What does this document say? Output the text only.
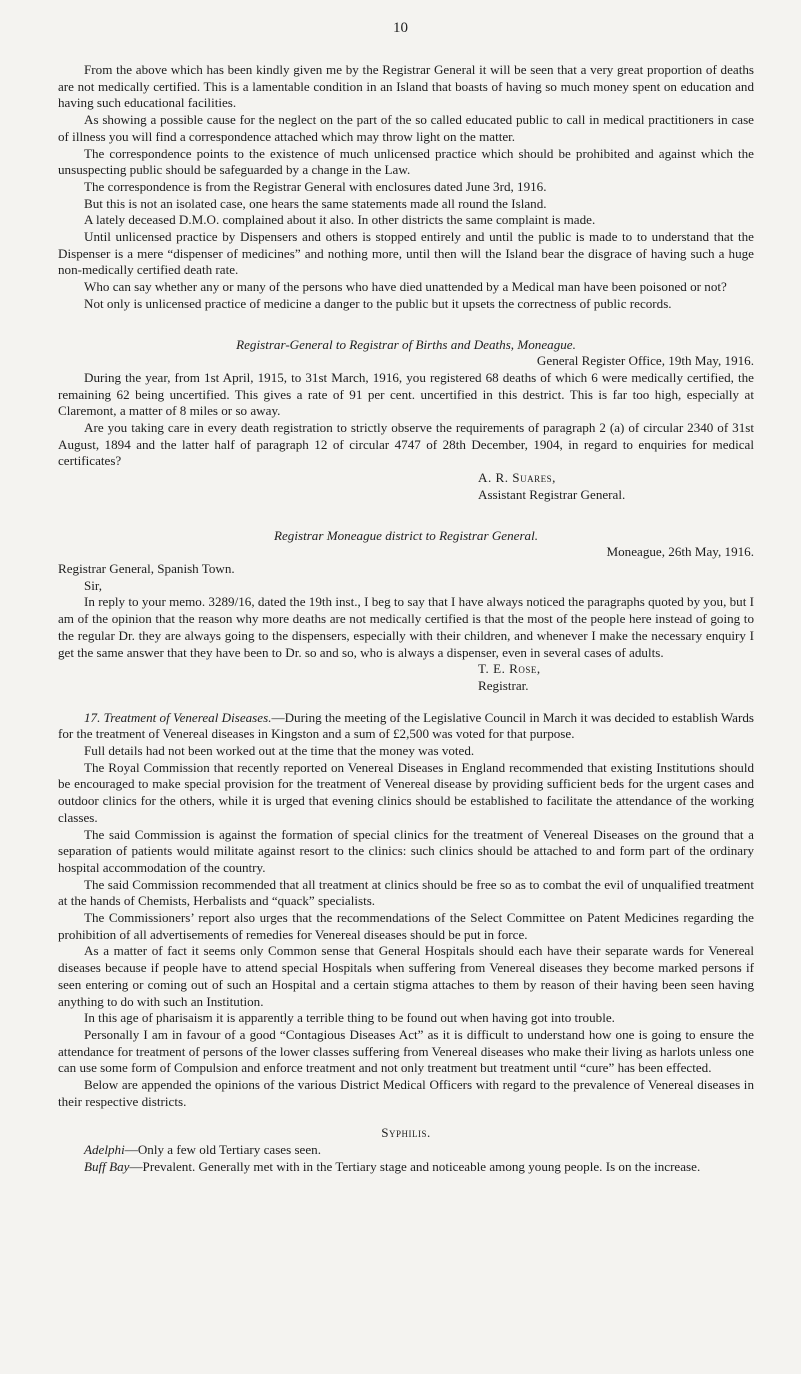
10

From the above which has been kindly given me by the Registrar General it will be seen that a very great proportion of deaths are not medically certified. This is a lamentable condition in an Island that boasts of having so much money spent on education and having such educational facilities.

As showing a possible cause for the neglect on the part of the so called educated public to call in medical practitioners in case of illness you will find a correspondence attached which may throw light on the matter.

The correspondence points to the existence of much unlicensed practice which should be prohibited and against which the unsuspecting public should be safeguarded by a change in the Law.

The correspondence is from the Registrar General with enclosures dated June 3rd, 1916.

But this is not an isolated case, one hears the same statements made all round the Island.

A lately deceased D.M.O. complained about it also. In other districts the same complaint is made.

Until unlicensed practice by Dispensers and others is stopped entirely and until the public is made to to understand that the Dispenser is a mere “dispenser of medicines” and nothing more, until then will the Island bear the disgrace of having such a huge non-medically certified death rate.

Who can say whether any or many of the persons who have died unattended by a Medical man have been poisoned or not?

Not only is unlicensed practice of medicine a danger to the public but it upsets the correctness of public records.

Registrar-General to Registrar of Births and Deaths, Moneague.

General Register Office, 19th May, 1916.

During the year, from 1st April, 1915, to 31st March, 1916, you registered 68 deaths of which 6 were medically certified, the remaining 62 being uncertified. This gives a rate of 91 per cent. uncertified in this destrict. This is far too high, especially at Claremont, a matter of 8 miles or so away.

Are you taking care in every death registration to strictly observe the requirements of paragraph 2 (a) of circular 2340 of 31st August, 1894 and the latter half of paragraph 12 of circular 4747 of 28th December, 1904, in regard to enquiries for medical certificates?

A. R. Suares,

Assistant Registrar General.

Registrar Moneague district to Registrar General.

Moneague, 26th May, 1916.

Registrar General, Spanish Town.

Sir,

In reply to your memo. 3289/16, dated the 19th inst., I beg to say that I have always noticed the paragraphs quoted by you, but I am of the opinion that the reason why more deaths are not medically certified is that the most of the people here instead of going to the regular Dr. they are always going to the dispensers, especially with their children, and whenever I make the necessary enquiry I get the same answer that they have been to Dr. so and so, who is always a dispenser, even in several cases of adults.

T. E. Rose,

Registrar.

17. Treatment of Venereal Diseases.—During the meeting of the Legislative Council in March it was decided to establish Wards for the treatment of Venereal diseases in Kingston and a sum of £2,500 was voted for that purpose.

Full details had not been worked out at the time that the money was voted.

The Royal Commission that recently reported on Venereal Diseases in England recommended that existing Institutions should be encouraged to make special provision for the treatment of Venereal disease by providing sufficient beds for the urgent cases and outdoor clinics for the others, while it is urged that evening clinics should be established to facilitate the attendance of the working classes.

The said Commission is against the formation of special clinics for the treatment of Venereal Diseases on the ground that a separation of patients would militate against resort to the clinics: such clinics should be attached to and form part of the ordinary hospital accommodation of the country.

The said Commission recommended that all treatment at clinics should be free so as to combat the evil of unqualified treatment at the hands of Chemists, Herbalists and “quack” specialists.

The Commissioners’ report also urges that the recommendations of the Select Committee on Patent Medicines regarding the prohibition of all advertisements of remedies for Venereal diseases should be put in force.

As a matter of fact it seems only Common sense that General Hospitals should each have their separate wards for Venereal diseases because if people have to attend special Hospitals when suffering from Venereal diseases they become marked persons if seen entering or coming out of such an Hospital and a certain stigma attaches to them by reason of their having been seen having anything to do with such an Institution.

In this age of pharisaism it is apparently a terrible thing to be found out when having got into trouble.

Personally I am in favour of a good “Contagious Diseases Act” as it is difficult to understand how one is going to ensure the attendance for treatment of persons of the lower classes suffering from Venereal diseases who make their living as harlots unless one can use some form of Compulsion and enforce treatment and not only treatment but treatment until “cure” has been effected.

Below are appended the opinions of the various District Medical Officers with regard to the prevalence of Venereal diseases in their respective districts.

Syphilis.

Adelphi—Only a few old Tertiary cases seen.

Buff Bay—Prevalent. Generally met with in the Tertiary stage and noticeable among young people. Is on the increase.
